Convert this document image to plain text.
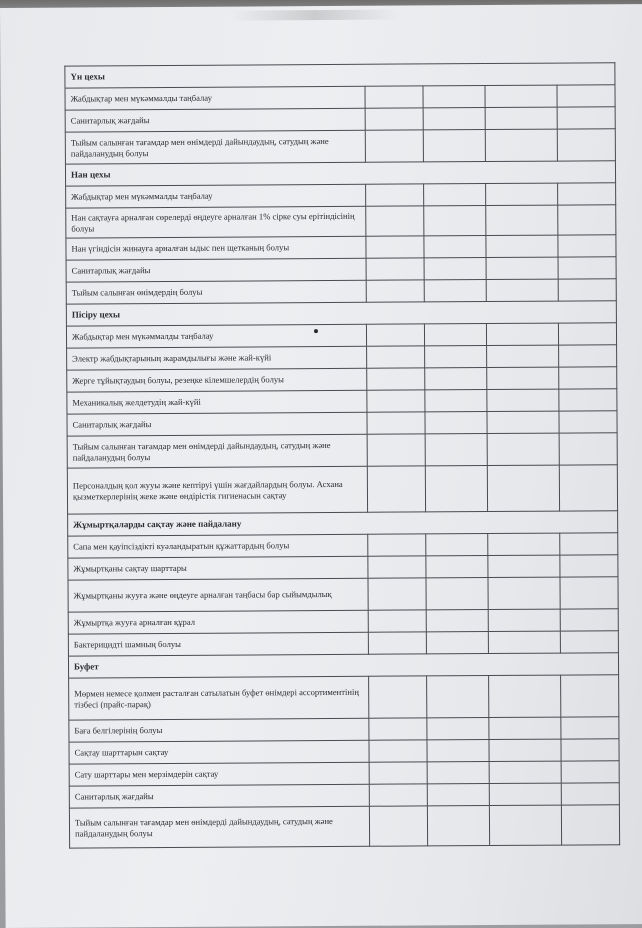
Үн цехы				
Жабдықтар мен мүкәммалды таңбалау				
Санитарлық жағдайы				
Тыйым салынған тағамдар мен өнімдерді дайындаудың, сатудың және пайдаланудың болуы				
Нан цехы				
Жабдықтар мен мүкәммалды таңбалау				
Нан сақтауға арналған сөрелерді өңдеуге арналған 1% сірке суы ерітіндісінің болуы				
Нан үгіндісін жинауға арналған ыдыс пен щетканың болуы				
Санитарлық жағдайы				
Тыйым салынған өнімдердің болуы				
Пісіру цехы				
Жабдықтар мен мүкәммалды таңбалау				
Электр жабдықтарының жарамдылығы және жай-күйі				
Жерге тұйықтаудың болуы, резеңке кілемшелердің болуы				
Механикалық желдетудің жай-күйі				
Санитарлық жағдайы				
Тыйым салынған тағамдар мен өнімдерді дайындаудың, сатудың және пайдаланудың болуы				
Персоналдың қол жууы және кептіруі үшін жағдайлардың болуы. Асхана қызметкерлерінің жеке және өндірістік гигиенасын сақтау				
Жұмыртқаларды сақтау және пайдалану				
Сапа мен қауіпсіздікті куәландыратын құжаттардың болуы				
Жұмыртқаны сақтау шарттары				
Жұмыртқаны жууға және өңдеуге арналған таңбасы бар сыйымдылық				
Жұмыртқа жууға арналған құрал				
Бактерицидті шамның болуы				
Буфет				
Мөрмен немесе қолмен расталған сатылатын буфет өнімдері ассортиментінің тізбесі (прайс-парақ)				
Баға белгілерінің болуы				
Сақтау шарттарын сақтау				
Сату шарттары мен мерзімдерін сақтау				
Санитарлық жағдайы				
Тыйым салынған тағамдар мен өнімдерді дайындаудың, сатудың және пайдаланудың болуы				
